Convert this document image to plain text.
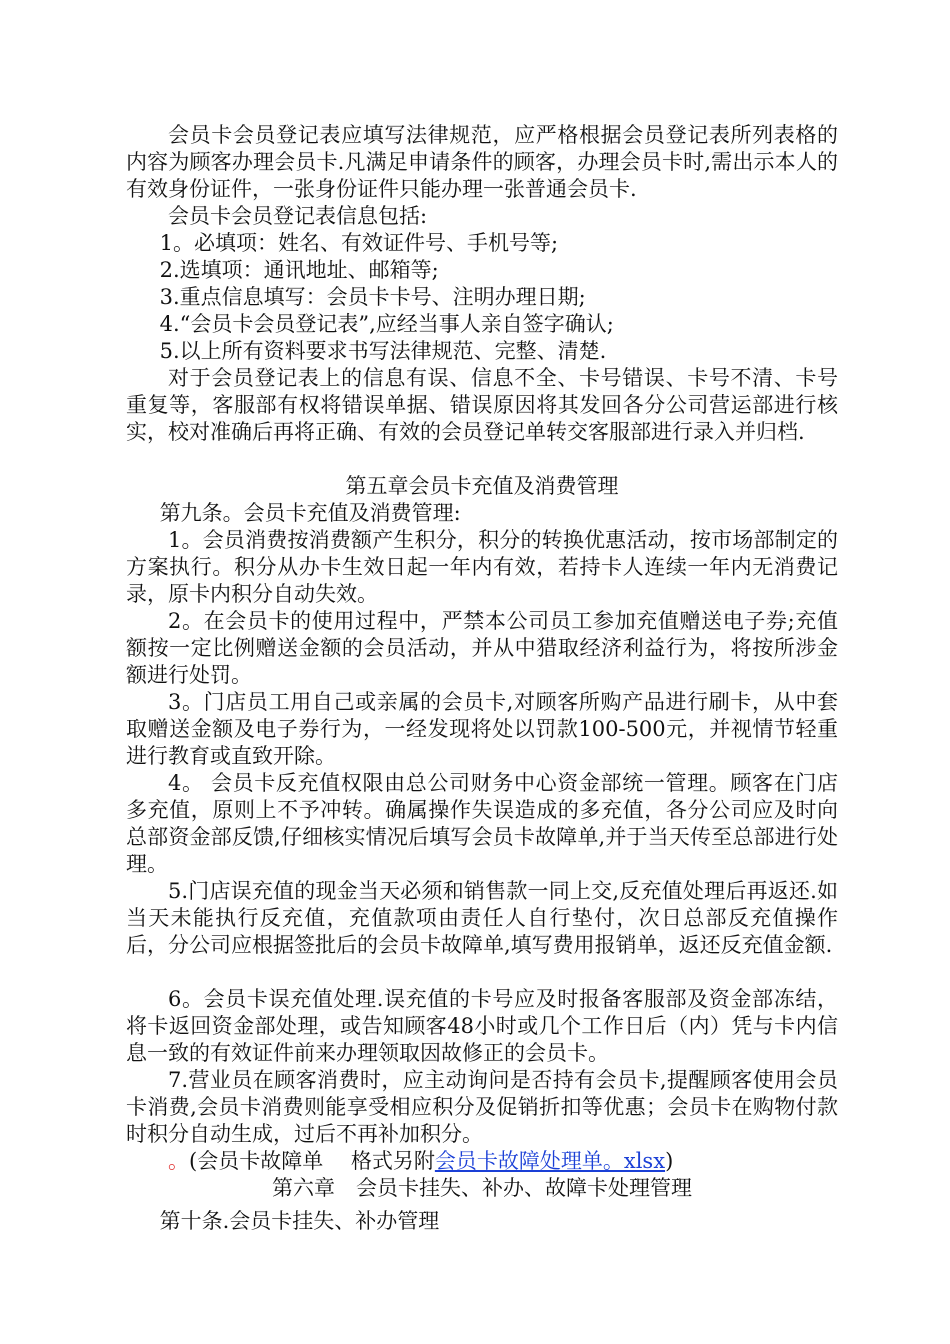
会员卡会员登记表应填写法律规范，应严格根据会员登记表所列表格的内容为顾客办理会员卡.凡满足申请条件的顾客，办理会员卡时,需出示本人的有效身份证件，一张身份证件只能办理一张普通会员卡.

会员卡会员登记表信息包括:

1。必填项：姓名、有效证件号、手机号等;

2.选填项：通讯地址、邮箱等;

3.重点信息填写：会员卡卡号、注明办理日期;

4.“会员卡会员登记表”,应经当事人亲自签字确认;

5.以上所有资料要求书写法律规范、完整、清楚.

对于会员登记表上的信息有误、信息不全、卡号错误、卡号不清、卡号重复等，客服部有权将错误单据、错误原因将其发回各分公司营运部进行核实，校对准确后再将正确、有效的会员登记单转交客服部进行录入并归档.

第五章会员卡充值及消费管理

第九条。会员卡充值及消费管理:

1。会员消费按消费额产生积分，积分的转换优惠活动，按市场部制定的方案执行。积分从办卡生效日起一年内有效，若持卡人连续一年内无消费记录，原卡内积分自动失效。

2。在会员卡的使用过程中，严禁本公司员工参加充值赠送电子券;充值额按一定比例赠送金额的会员活动，并从中猎取经济利益行为，将按所涉金额进行处罚。

3。门店员工用自己或亲属的会员卡,对顾客所购产品进行刷卡，从中套取赠送金额及电子券行为，一经发现将处以罚款100-500元，并视情节轻重进行教育或直致开除。

4。 会员卡反充值权限由总公司财务中心资金部统一管理。顾客在门店多充值，原则上不予冲转。确属操作失误造成的多充值，各分公司应及时向总部资金部反馈,仔细核实情况后填写会员卡故障单,并于当天传至总部进行处理。

5.门店误充值的现金当天必须和销售款一同上交,反充值处理后再返还.如当天未能执行反充值，充值款项由责任人自行垫付，次日总部反充值操作后，分公司应根据签批后的会员卡故障单,填写费用报销单，返还反充值金额.

6。会员卡误充值处理.误充值的卡号应及时报备客服部及资金部冻结，将卡返回资金部处理，或告知顾客48小时或几个工作日后（内）凭与卡内信息一致的有效证件前来办理领取因故修正的会员卡。

7.营业员在顾客消费时，应主动询问是否持有会员卡,提醒顾客使用会员卡消费,会员卡消费则能享受相应积分及促销折扣等优惠；会员卡在购物付款时积分自动生成，过后不再补加积分。

。(会员卡故障单　 格式另附会员卡故障处理单。xlsx)

第六章　会员卡挂失、补办、故障卡处理管理

第十条.会员卡挂失、补办管理
